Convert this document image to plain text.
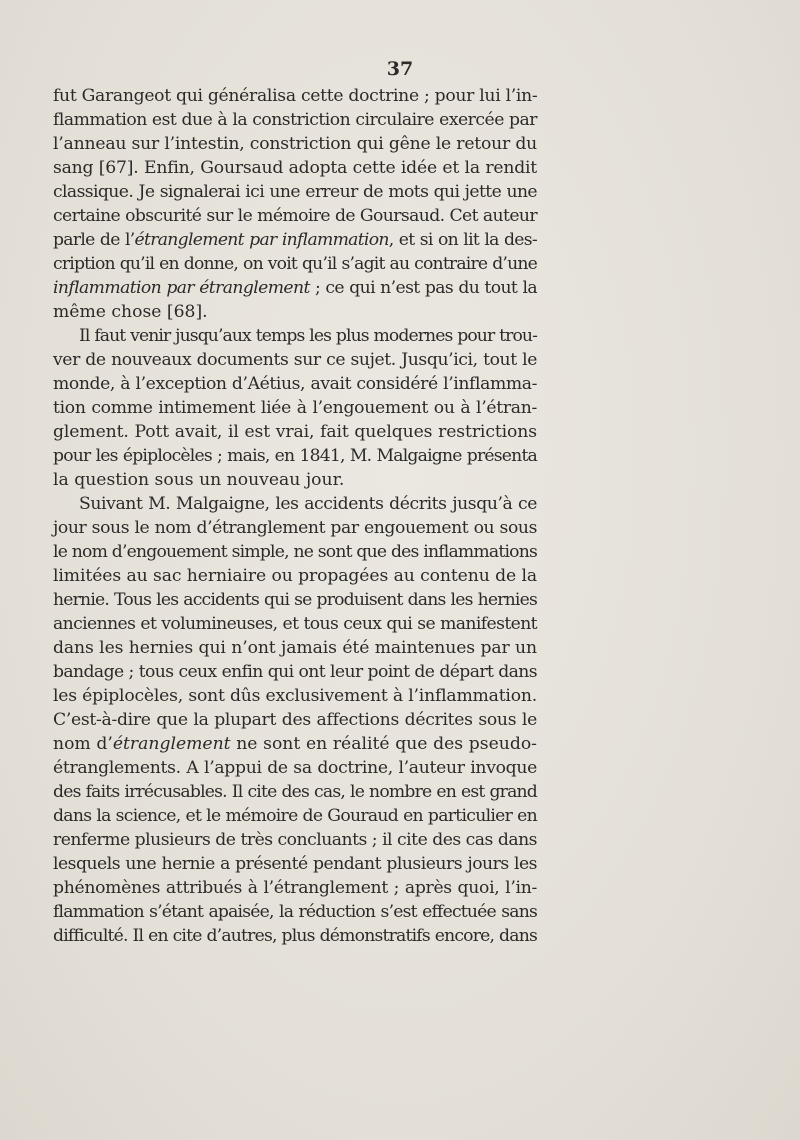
37

fut Garangeot qui généralisa cette doctrine ; pour lui l’in-
flammation est due à la constriction circulaire exercée par
l’anneau sur l’intestin, constriction qui gêne le retour du
sang [67]. Enfin, Goursaud adopta cette idée et la rendit
classique. Je signalerai ici une erreur de mots qui jette une
certaine obscurité sur le mémoire de Goursaud. Cet auteur
parle de l’étranglement par inflammation, et si on lit la des-
cription qu’il en donne, on voit qu’il s’agit au contraire d’une
inflammation par étranglement ; ce qui n’est pas du tout la
même chose [68].

Il faut venir jusqu’aux temps les plus modernes pour trou-
ver de nouveaux documents sur ce sujet. Jusqu’ici, tout le
monde, à l’exception d’Aétius, avait considéré l’inflamma-
tion comme intimement liée à l’engouement ou à l’étran-
glement. Pott avait, il est vrai, fait quelques restrictions
pour les épiplocèles ; mais, en 1841, M. Malgaigne présenta
la question sous un nouveau jour.

Suivant M. Malgaigne, les accidents décrits jusqu’à ce
jour sous le nom d’étranglement par engouement ou sous
le nom d’engouement simple, ne sont que des inflammations
limitées au sac herniaire ou propagées au contenu de la
hernie. Tous les accidents qui se produisent dans les hernies
anciennes et volumineuses, et tous ceux qui se manifestent
dans les hernies qui n’ont jamais été maintenues par un
bandage ; tous ceux enfin qui ont leur point de départ dans
les épiplocèles, sont dûs exclusivement à l’inflammation.
C’est-à-dire que la plupart des affections décrites sous le
nom d’étranglement ne sont en réalité que des pseudo-
étranglements. A l’appui de sa doctrine, l’auteur invoque
des faits irrécusables. Il cite des cas, le nombre en est grand
dans la science, et le mémoire de Gouraud en particulier en
renferme plusieurs de très concluants ; il cite des cas dans
lesquels une hernie a présenté pendant plusieurs jours les
phénomènes attribués à l’étranglement ; après quoi, l’in-
flammation s’étant apaisée, la réduction s’est effectuée sans
difficulté. Il en cite d’autres, plus démonstratifs encore, dans
